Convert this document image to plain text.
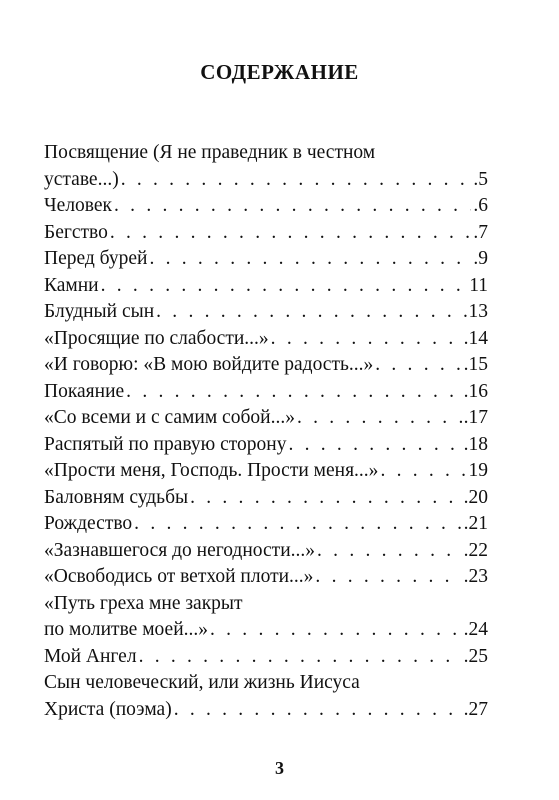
СОДЕРЖАНИЕ
Посвящение (Я не праведник в честном
уставе...) . . .	.5
Человек . . .	.6
Бегство . . .	.7
Перед бурей . . .	.9
Камни . . .	11
Блудный сын . . .	13
«Просящие по слабости...» . . .	.14
«И говорю: «В мою войдите радость...» . . .	.15
Покаяние . . .	.16
«Со всеми и с самим собой...» . . .	.17
Распятый по правую сторону . . .	.18
«Прости меня, Господь. Прости меня...» . . .	19
Баловням судьбы . . .	.20
Рождество . . .	.21
«Зазнавшегося до негодности...» . . .	.22
«Освободись от ветхой плоти...» . . .	.23
«Путь греха мне закрыт
по молитве моей...» . . .	.24
Мой Ангел . . .	.25
Сын человеческий, или жизнь Иисуса
Христа (поэма) . . .	.27
3
